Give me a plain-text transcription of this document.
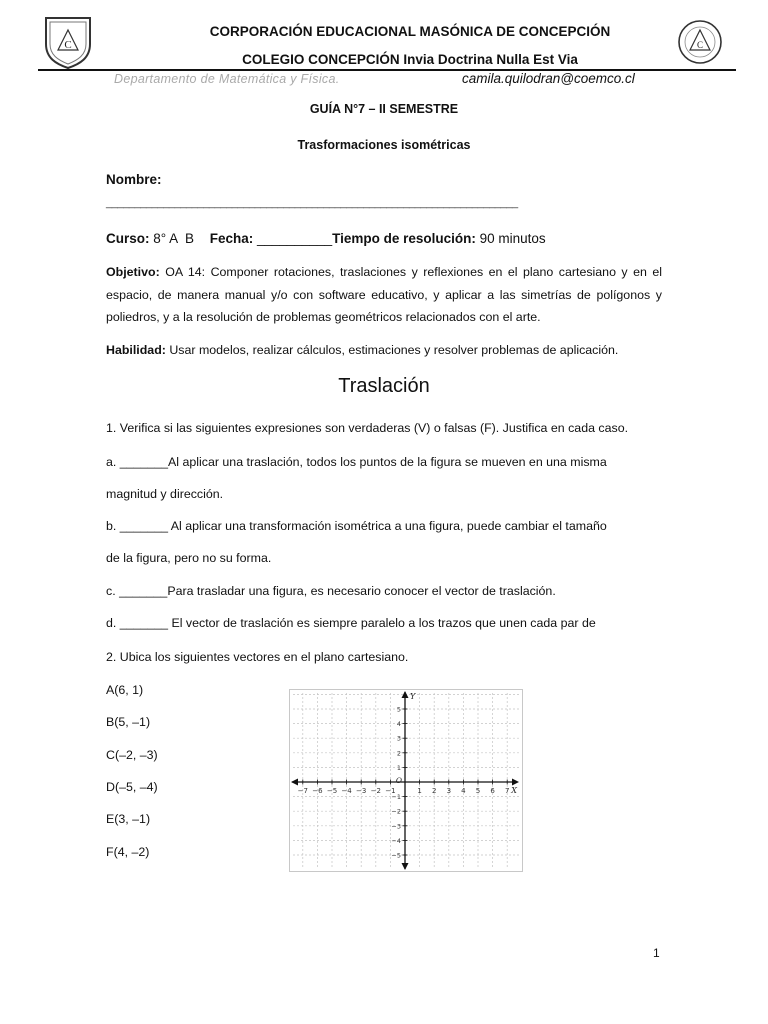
C
CORPORACIÓN EDUCACIONAL MASÓNICA DE CONCEPCIÓN
COLEGIO CONCEPCIÓN Invia Doctrina Nulla Est Via
C
Departamento de Matemática y Física.	camila.quilodran@coemco.cl
GUÍA N°7 – II SEMESTRE
Trasformaciones isométricas
Nombre:
________________________________________________________________________
Curso: 8° A  B Fecha: __________Tiempo de resolución: 90 minutos
Objetivo: OA 14: Componer rotaciones, traslaciones y reflexiones en el plano cartesiano y en el espacio, de manera manual y/o con software educativo, y aplicar a las simetrías de polígonos y poliedros, y a la resolución de problemas geométricos relacionados con el arte.
Habilidad: Usar modelos, realizar cálculos, estimaciones y resolver problemas de aplicación.
Traslación
1. Verifica si las siguientes expresiones son verdaderas (V) o falsas (F). Justifica en cada caso.
a. _______Al aplicar una traslación, todos los puntos de la figura se mueven en una misma
magnitud y dirección.
b. _______ Al aplicar una transformación isométrica a una figura, puede cambiar el tamaño
de la figura, pero no su forma.
c. _______Para trasladar una figura, es necesario conocer el vector de traslación.
d. _______ El vector de traslación es siempre paralelo a los trazos que unen cada par de
2. Ubica los siguientes vectores en el plano cartesiano.
A(6, 1)
B(5, –1)
C(–2, –3)
D(–5, –4)
E(3, –1)
F(4, –2)
−7 −6 −5 −4 −3 −2 −1	1 2 3 4 5 6 7
5
4
3
2
1
−1
−2
−3
−4
−5
X
Y
O
1
